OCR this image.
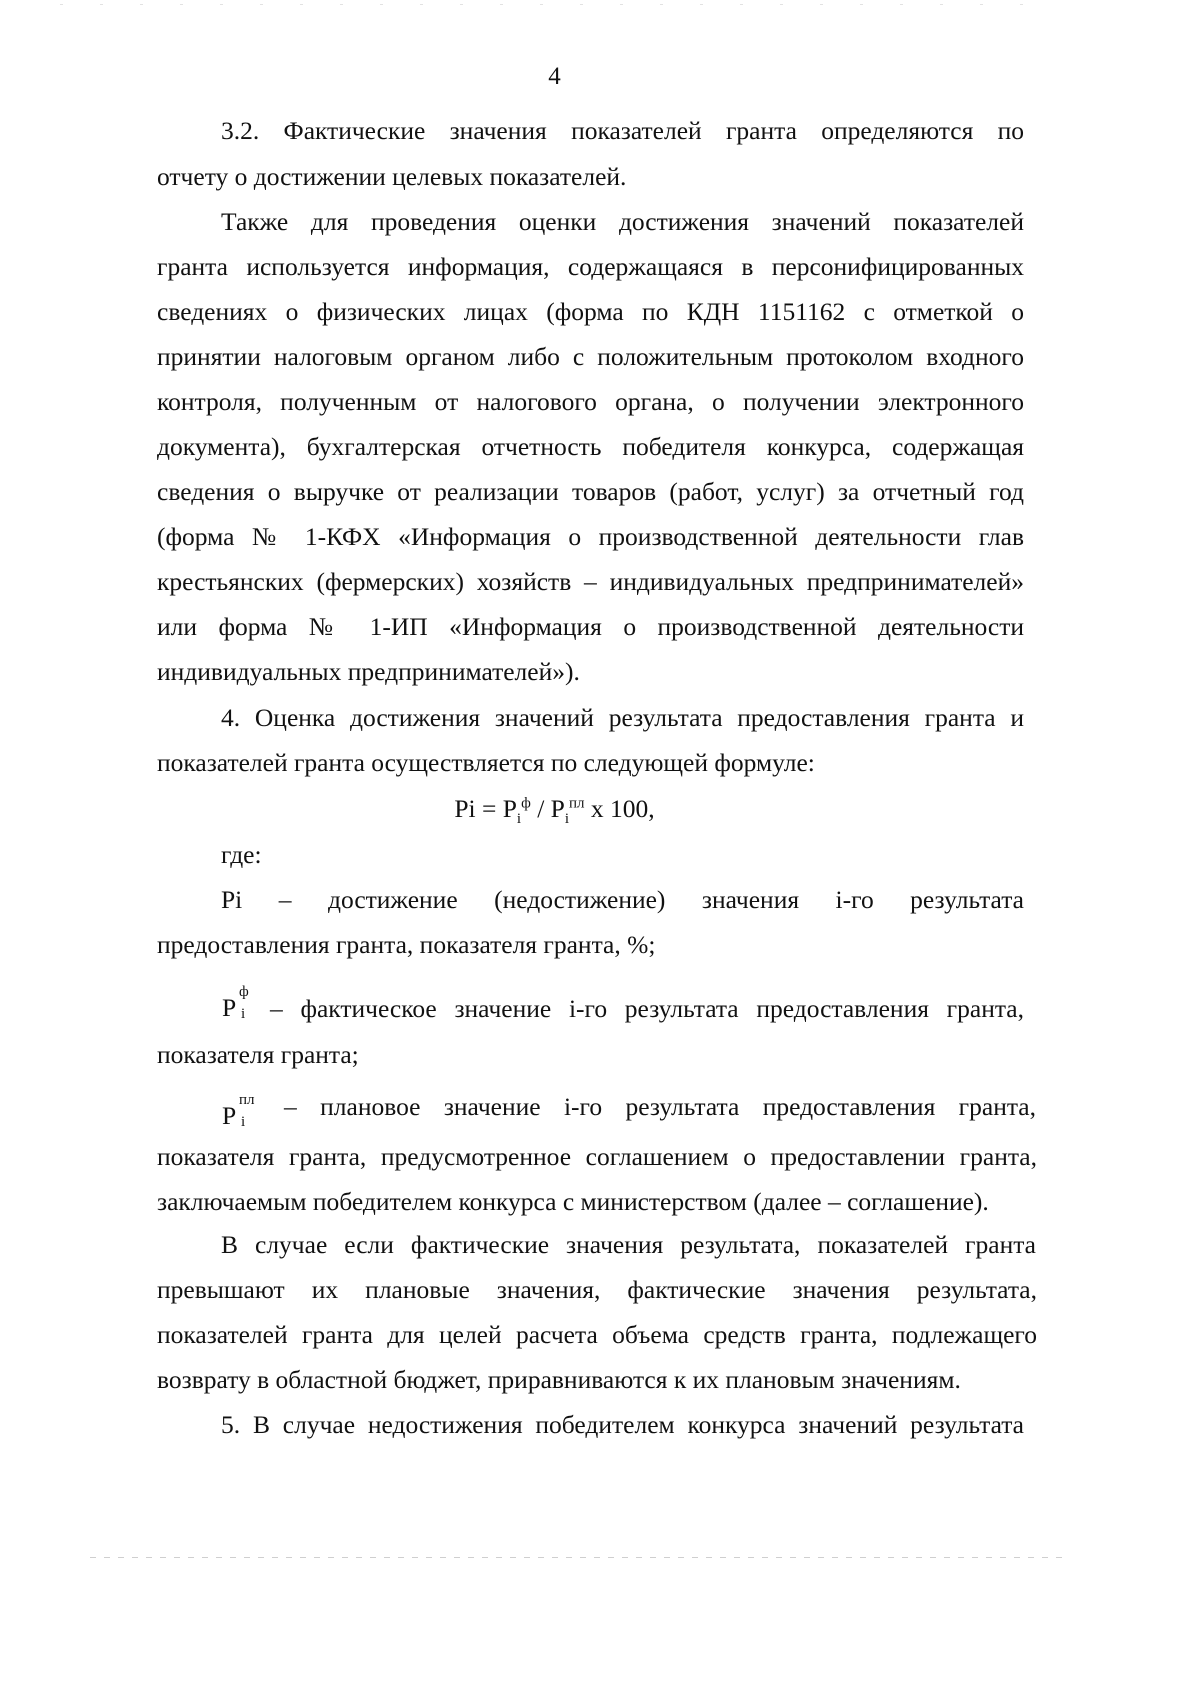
4
3.2. Фактические значения показателей гранта определяются по
отчету о достижении целевых показателей.
Также для проведения оценки достижения значений показателей
гранта используется информация, содержащаяся в персонифицированных
сведениях о физических лицах (форма по КДН 1151162 с отметкой о
принятии налоговым органом либо с положительным протоколом входного
контроля, полученным от налогового органа, о получении электронного
документа), бухгалтерская отчетность победителя конкурса, содержащая
сведения о выручке от реализации товаров (работ, услуг) за отчетный год
(форма № 1-КФХ «Информация о производственной деятельности глав
крестьянских (фермерских) хозяйств – индивидуальных предпринимателей»
или форма № 1-ИП «Информация о производственной деятельности
индивидуальных предпринимателей»).
4. Оценка достижения значений результата предоставления гранта и
показателей гранта осуществляется по следующей формуле:
$Pi = P_i^ф / P_i^{пл}$ х 100,
где:
Pi – достижение (недостижение) значения i-го результата
предоставления гранта, показателя гранта, %;
P
ф
i – фактическое значение i-го результата предоставления гранта,
показателя гранта;
P
пл
i
– плановое значение i-го результата предоставления гранта,
показателя гранта, предусмотренное соглашением о предоставлении гранта,
заключаемым победителем конкурса с министерством (далее – соглашение).
В случае если фактические значения результата, показателей гранта
превышают их плановые значения, фактические значения результата,
показателей гранта для целей расчета объема средств гранта, подлежащего
возврату в областной бюджет, приравниваются к их плановым значениям.
5. В случае недостижения победителем конкурса значений результата
